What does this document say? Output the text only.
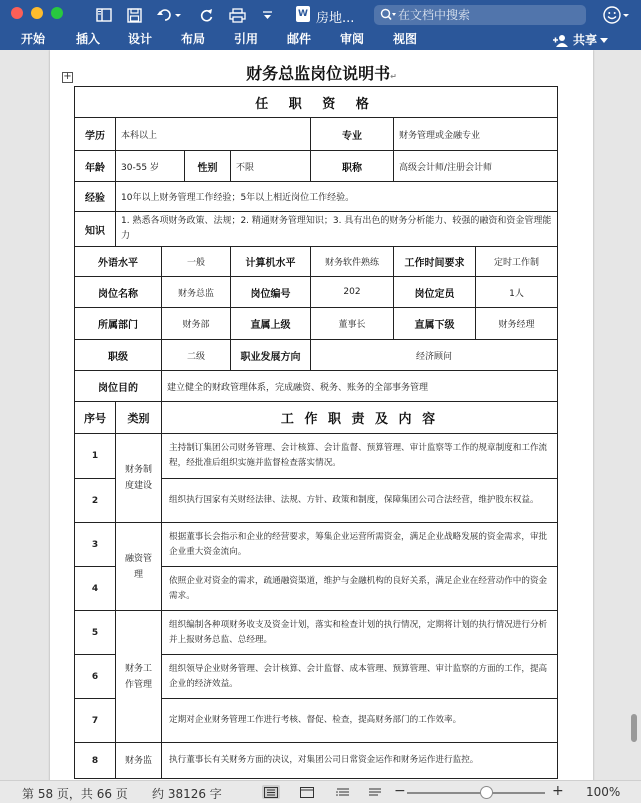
W 房地...	在文档中搜索
开始	插入 设计 布局 引用 邮件 审阅 视图	共享
+	财务总监岗位说明书↵
任 职 资 格							
学历	本科以上				专业	财务管理或金融专业	
年龄	30-55 岁		性别	不限	职称	高级会计师/注册会计师	
经验	10年以上财务管理工作经验；5年以上相近岗位工作经验。						
知识	1. 熟悉各项财务政策、法规；2. 精通财务管理知识；3. 具有出色的财务分析能力、较强的融资和资金管理能力						
外语水平		一般		计算机水平	财务软件熟练	工作时间要求	定时工作制
岗位名称		财务总监		岗位编号	202	岗位定员	1人
所属部门		财务部		直属上级	董事长	直属下级	财务经理
职级		二级		职业发展方向	经济顾问		
岗位目的		建立健全的财政管理体系，完成融资、税务、账务的全部事务管理					
序号	类别	工 作 职 责 及 内 容					
1	财务制度建设	主持制订集团公司财务管理、会计核算、会计监督、预算管理、审计监察等工作的规章制度和工作流程，经批准后组织实施并监督检查落实情况。					
2		组织执行国家有关财经法律、法规、方针、政策和制度，保障集团公司合法经营，维护股东权益。					
3	融资管理	根据董事长会指示和企业的经营要求，筹集企业运营所需资金，满足企业战略发展的资金需求，审批企业重大资金流向。					
4		依照企业对资金的需求，疏通融资渠道，维护与金融机构的良好关系，满足企业在经营动作中的资金需求。					
5	财务工作管理	组织编制各种项财务收支及资金计划，落实和检查计划的执行情况，定期将计划的执行情况进行分析并上报财务总监、总经理。					
6		组织领导企业财务管理、会计核算、会计监督、成本管理、预算管理、审计监察的方面的工作，提高企业的经济效益。					
7		定期对企业财务管理工作进行考核、督促、检查，提高财务部门的工作效率。					
8	财务监	执行董事长有关财务方面的决议，对集团公司日常资金运作和财务运作进行监控。					
第 58 页，共 66 页 约 38126 字	−	+ 100%
